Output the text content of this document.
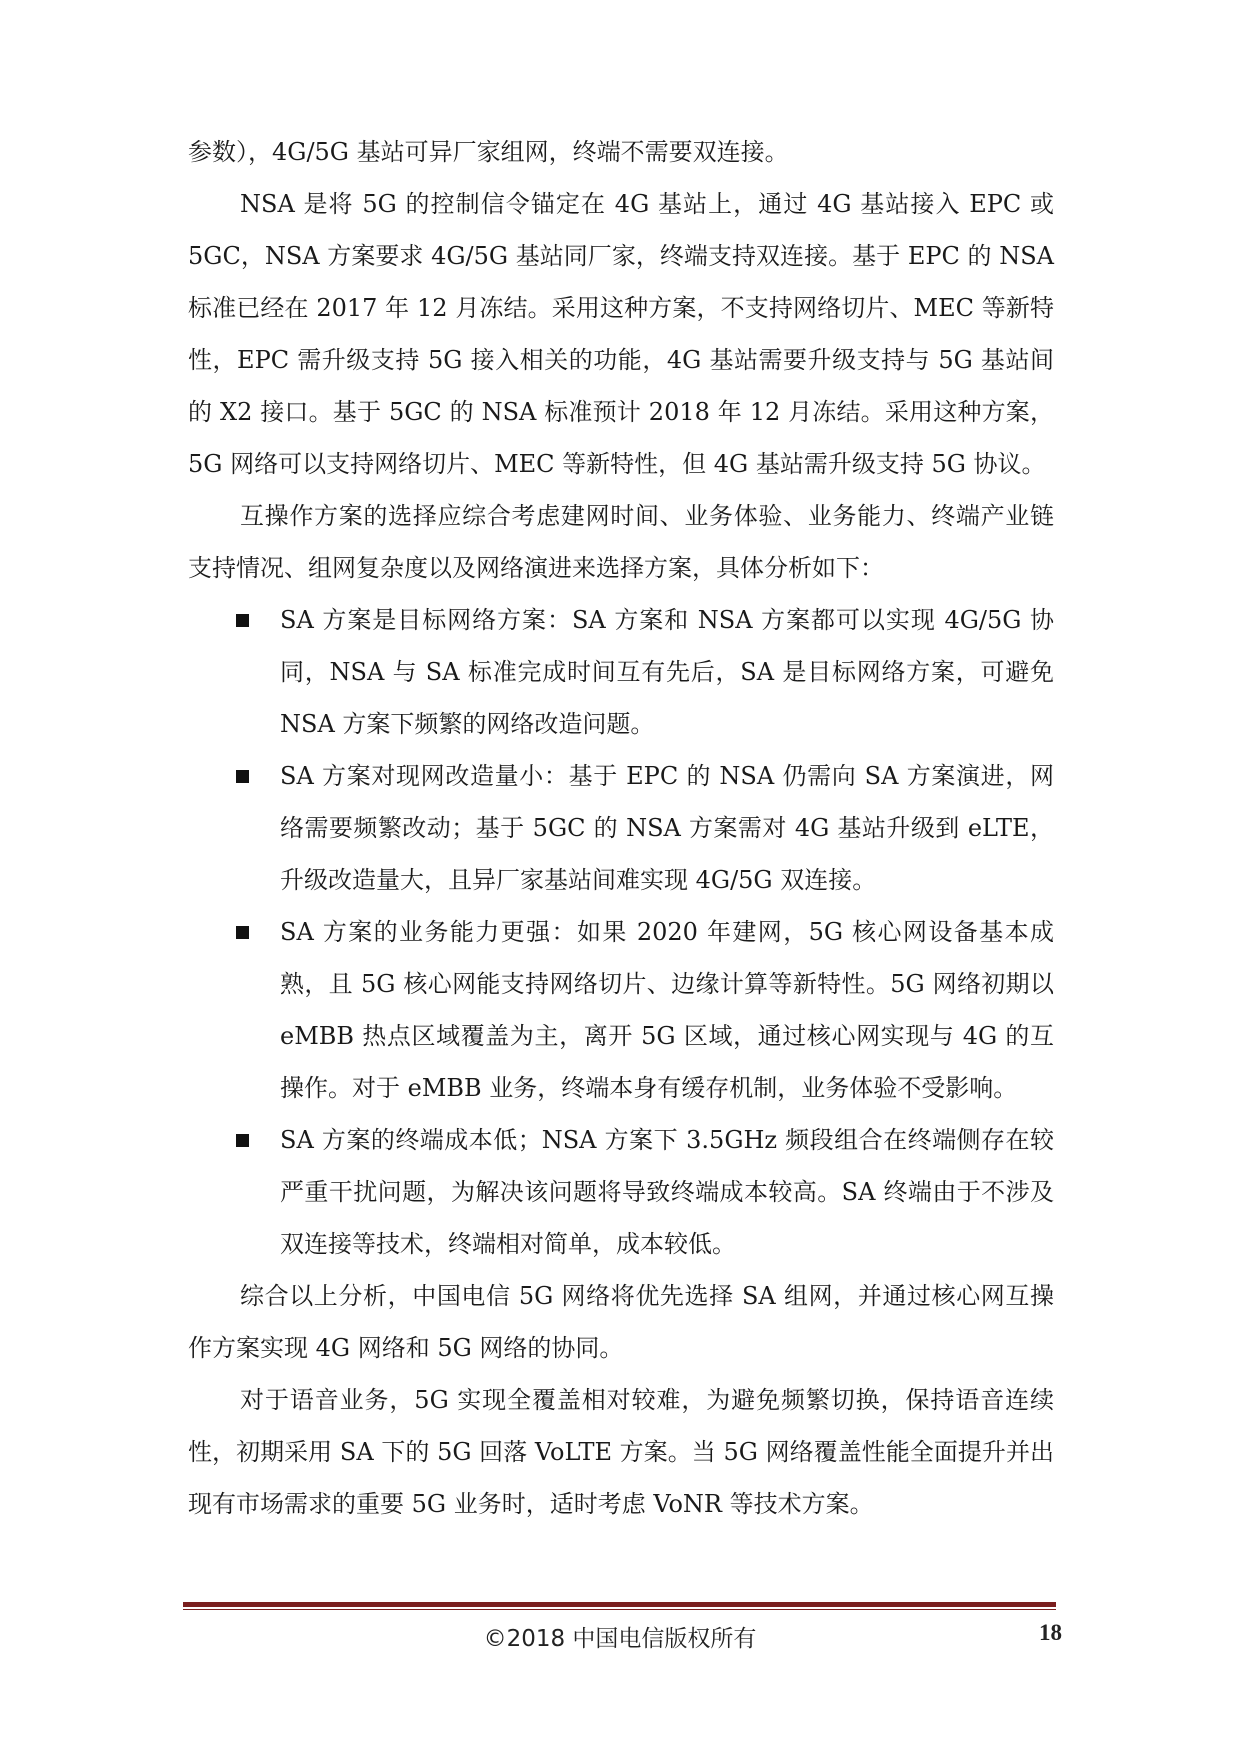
参数），4G/5G 基站可异厂家组网，终端不需要双连接。

NSA 是将 5G 的控制信令锚定在 4G 基站上，通过 4G 基站接入 EPC 或 5GC，NSA 方案要求 4G/5G 基站同厂家，终端支持双连接。基于 EPC 的 NSA 标准已经在 2017 年 12 月冻结。采用这种方案，不支持网络切片、MEC 等新特性，EPC 需升级支持 5G 接入相关的功能，4G 基站需要升级支持与 5G 基站间的 X2 接口。基于 5GC 的 NSA 标准预计 2018 年 12 月冻结。采用这种方案，5G 网络可以支持网络切片、MEC 等新特性，但 4G 基站需升级支持 5G 协议。

互操作方案的选择应综合考虑建网时间、业务体验、业务能力、终端产业链支持情况、组网复杂度以及网络演进来选择方案，具体分析如下：

SA 方案是目标网络方案：SA 方案和 NSA 方案都可以实现 4G/5G 协同，NSA 与 SA 标准完成时间互有先后，SA 是目标网络方案，可避免 NSA 方案下频繁的网络改造问题。
SA 方案对现网改造量小：基于 EPC 的 NSA 仍需向 SA 方案演进，网络需要频繁改动；基于 5GC 的 NSA 方案需对 4G 基站升级到 eLTE，升级改造量大，且异厂家基站间难实现 4G/5G 双连接。
SA 方案的业务能力更强：如果 2020 年建网，5G 核心网设备基本成熟，且 5G 核心网能支持网络切片、边缘计算等新特性。5G 网络初期以 eMBB 热点区域覆盖为主，离开 5G 区域，通过核心网实现与 4G 的互操作。对于 eMBB 业务，终端本身有缓存机制，业务体验不受影响。
SA 方案的终端成本低；NSA 方案下 3.5GHz 频段组合在终端侧存在较严重干扰问题，为解决该问题将导致终端成本较高。SA 终端由于不涉及双连接等技术，终端相对简单，成本较低。

综合以上分析，中国电信 5G 网络将优先选择 SA 组网，并通过核心网互操作方案实现 4G 网络和 5G 网络的协同。

对于语音业务，5G 实现全覆盖相对较难，为避免频繁切换，保持语音连续性，初期采用 SA 下的 5G 回落 VoLTE 方案。当 5G 网络覆盖性能全面提升并出现有市场需求的重要 5G 业务时，适时考虑 VoNR 等技术方案。

©2018 中国电信版权所有	18
